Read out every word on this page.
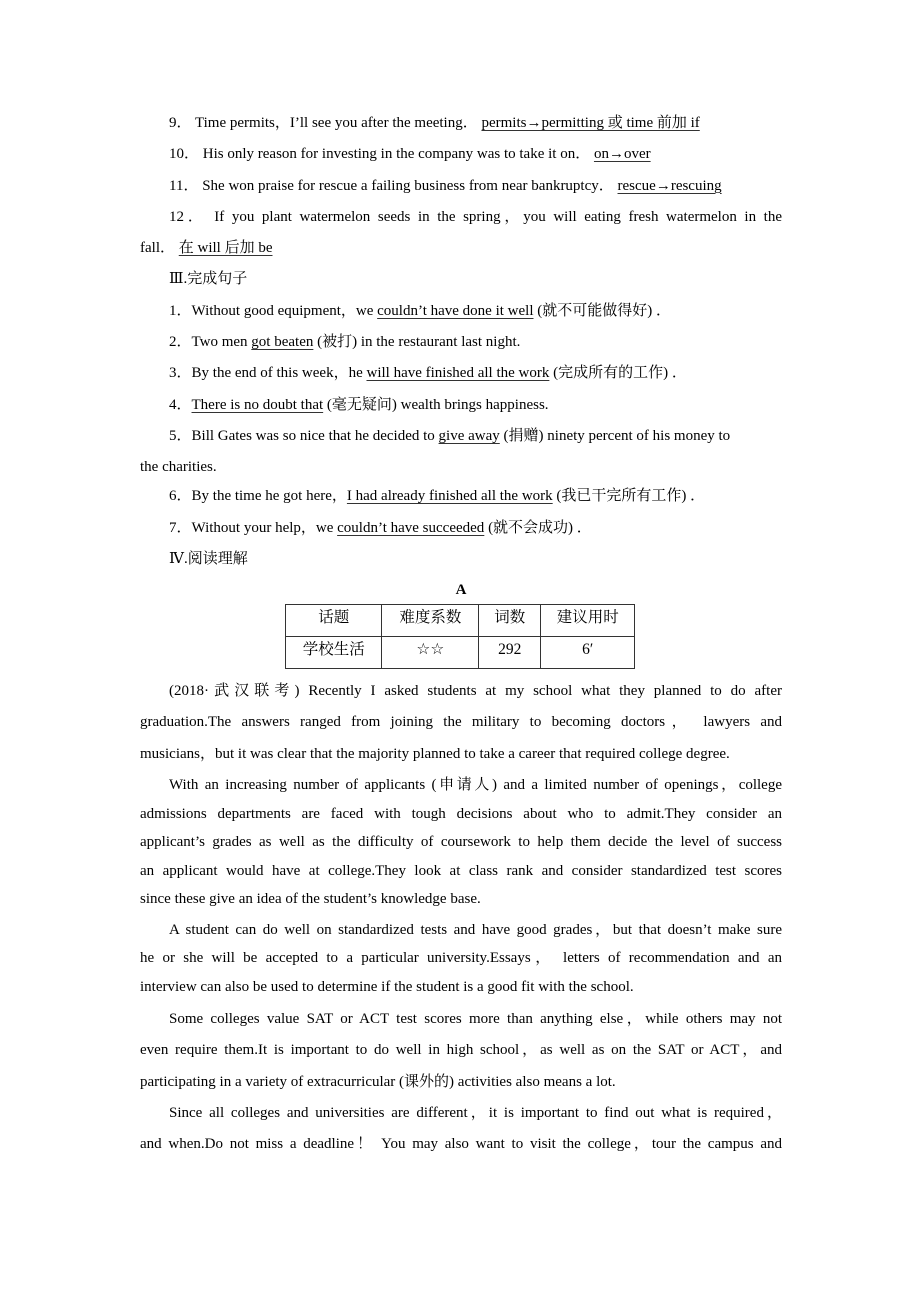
9． Time permits，I’ll see you after the meeting． permits→permitting 或 time 前加 if
10． His only reason for investing in the company was to take it on． on→over
11． She won praise for rescue a failing business from near bankruptcy． rescue→rescuing
12． If you plant watermelon seeds in the spring，you will eating fresh watermelon in the
fall． 在 will 后加 be
Ⅲ.完成句子
1．Without good equipment，we couldn’t have done it well (就不可能做得好) ．
2．Two men got beaten (被打) in the restaurant last night.
3．By the end of this week，he will have finished all the work (完成所有的工作) ．
4．There is no doubt that (毫无疑问) wealth brings happiness.
5．Bill Gates was so nice that he decided to give away (捐赠) ninety percent of his money to
the charities.
6．By the time he got here，I had already finished all the work (我已干完所有工作) ．
7．Without your help，we couldn’t have succeeded (就不会成功) ．
Ⅳ.阅读理解
A
话题	难度系数	词数	建议用时
学校生活	☆☆	292	6′
(2018·武汉联考) Recently I asked students at my school what they planned to do after
graduation.The answers ranged from joining the military to becoming doctors， lawyers and
musicians，but it was clear that the majority planned to take a career that required college degree.
With an increasing number of applicants (申请人) and a limited number of openings，college
admissions departments are faced with tough decisions about who to admit.They consider an
applicant’s grades as well as the difficulty of coursework to help them decide the level of success
an applicant would have at college.They look at class rank and consider standardized test scores
since these give an idea of the student’s knowledge base.
A student can do well on standardized tests and have good grades，but that doesn’t make sure
he or she will be accepted to a particular university.Essays， letters of recommendation and an
interview can also be used to determine if the student is a good fit with the school.
Some colleges value SAT or ACT test scores more than anything else，while others may not
even require them.It is important to do well in high school，as well as on the SAT or ACT，and
participating in a variety of extracurricular (课外的) activities also means a lot.
Since all colleges and universities are different，it is important to find out what is required，
and when.Do not miss a deadline！ You may also want to visit the college，tour the campus and
